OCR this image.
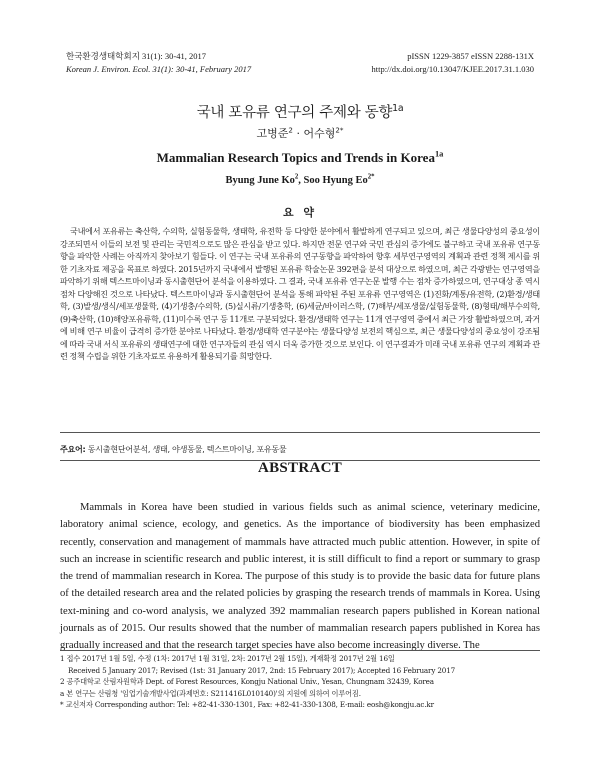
한국환경생태학회지 31(1): 30-41, 2017
Korean J. Environ. Ecol. 31(1): 30-41, February 2017
pISSN 1229-3857 eISSN 2288-131X
http://dx.doi.org/10.13047/KJEE.2017.31.1.030
국내 포유류 연구의 주제와 동향$^{1a}$
고병준$^2$ · 어수형$^{2*}$
Mammalian Research Topics and Trends in Korea$^{1a}$
Byung June Ko$^2$, Soo Hyung $Eo^{2*}$
요 약

국내에서 포유류는 축산학, 수의학, 실험동물학, 생태학, 유전학 등 다양한 분야에서 활발하게 연구되고 있으며, 최근 생물다양성의 중요성이 강조되면서 이들의 보전 및 관리는 국민적으로도 많은 관심을 받고 있다. 하지만 전문 연구와 국민 관심의 증가에도 불구하고 국내 포유류 연구동향을 파악한 사례는 아직까지 찾아보기 힘들다. 이 연구는 국내 포유류의 연구동향을 파악하여 향후 세부연구영역의 계획과 관련 정책 제시를 위한 기초자료 제공을 목표로 하였다. 2015년까지 국내에서 발행된 포유류 학술논문 392편을 분석 대상으로 하였으며, 최근 각광받는 연구영역을 파악하기 위해 텍스트마이닝과 동시출현단어 분석을 이용하였다. 그 결과, 국내 포유류 연구논문 발행 수는 점차 증가하였으며, 연구대상 종 역시 점차 다양해진 것으로 나타났다. 텍스트마이닝과 동시출현단어 분석을 통해 파악된 주된 포유류 연구영역은 (1)진화/계통/유전학, (2)환경/생태학, (3)발생/생식/세포생물학, (4)기생충/수의학, (5)실시류/기생충학, (6)세균/바이러스학, (7)해부/세포생물/실험동물학, (8)형태/해부수의학, (9)축산학, (10)해양포유류학, (11)미수록 연구 등 11개로 구분되었다. 환경/생태학 연구는 11개 연구영역 중에서 최근 가장 활발하였으며, 과거에 비해 연구 비율이 급격히 증가한 분야로 나타났다. 환경/생태학 연구분야는 생물다양성 보전의 핵심으로, 최근 생물다양성의 중요성이 강조됨에 따라 국내 서식 포유류의 생태연구에 대한 연구자들의 관심 역시 더욱 증가한 것으로 보인다. 이 연구결과가 미래 국내 포유류 연구의 계획과 관련 정책 수립을 위한 기초자료로 유용하게 활용되기를 희망한다.

주요어: 동시출현단어분석, 생태, 야생동물, 텍스트마이닝, 포유동물
ABSTRACT

Mammals in Korea have been studied in various fields such as animal science, veterinary medicine, laboratory animal science, ecology, and genetics. As the importance of biodiversity has been emphasized recently, conservation and management of mammals have attracted much public attention. However, in spite of such an increase in scientific research and public interest, it is still difficult to find a report or summary to grasp the trend of mammalian research in Korea. The purpose of this study is to provide the basic data for future plans of the detailed research area and the related policies by grasping the research trends of mammals in Korea. Using text-mining and co-word analysis, we analyzed 392 mammalian research papers published in Korean national journals as of 2015. Our results showed that the number of mammalian research papers published in Korea has gradually increased and that the research target species have also become increasingly diverse. The

1 접수 2017년 1월 5일, 수정 (1차: 2017년 1월 31일, 2차: 2017년 2월 15일), 게재확정 2017년 2월 16일
Received 5 January 2017; Revised (1st: 31 January 2017, 2nd: 15 February 2017); Accepted 16 February 2017
2 공주대학교 산림자원학과 Dept. of Forest Resources, Kongju National Univ., Yesan, Chungnam 32439, Korea
a 본 연구는 산림청 '임업기술개발사업(과제번호: S211416L010140)'의 지원에 의하여 이루어짐.
* 교신저자 Corresponding author: Tel: +82-41-330-1301, Fax: +82-41-330-1308, E-mail: eosh@kongju.ac.kr
